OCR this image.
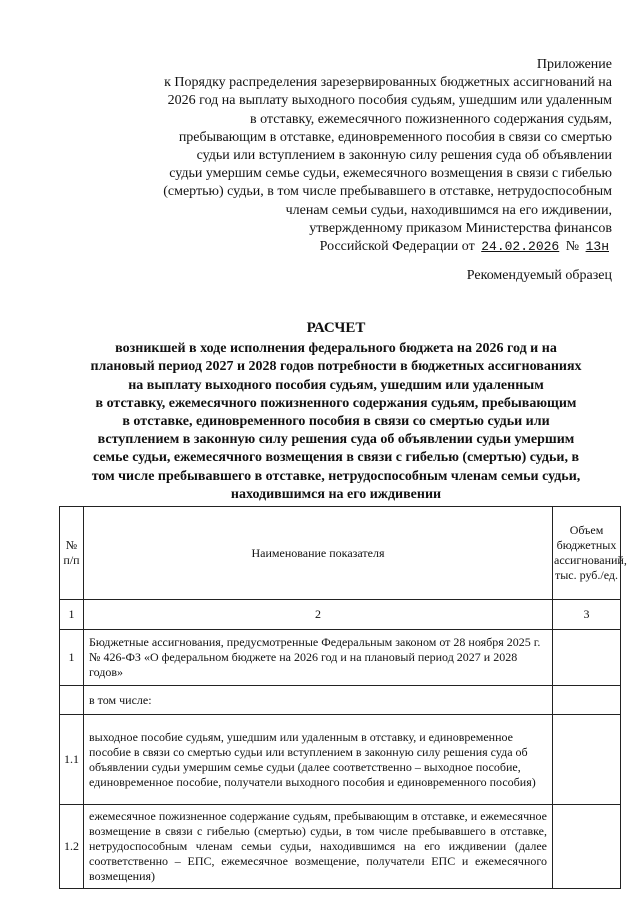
Приложение
к Порядку распределения зарезервированных бюджетных ассигнований на
2026 год на выплату выходного пособия судьям, ушедшим или удаленным
в отставку, ежемесячного пожизненного содержания судьям,
пребывающим в отставке, единовременного пособия в связи со смертью
судьи или вступлением в законную силу решения суда об объявлении
судьи умершим семье судьи, ежемесячного возмещения в связи с гибелью
(смертью) судьи, в том числе пребывавшего в отставке, нетрудоспособным
членам семьи судьи, находившимся на его иждивении,
утвержденному приказом Министерства финансов
Российской Федерации от 24.02.2026 № 13н
Рекомендуемый образец
РАСЧЕТ
возникшей в ходе исполнения федерального бюджета на 2026 год и на
плановый период 2027 и 2028 годов потребности в бюджетных ассигнованиях
на выплату выходного пособия судьям, ушедшим или удаленным
в отставку, ежемесячного пожизненного содержания судьям, пребывающим
в отставке, единовременного пособия в связи со смертью судьи или
вступлением в законную силу решения суда об объявлении судьи умершим
семье судьи, ежемесячного возмещения в связи с гибелью (смертью) судьи, в
том числе пребывавшего в отставке, нетрудоспособным членам семьи судьи,
находившимся на его иждивении
№ п/п	Наименование показателя	Объем бюджетных ассигнований, тыс. руб./ед.
1	2	3
1	Бюджетные ассигнования, предусмотренные Федеральным законом от 28 ноября 2025 г. № 426-ФЗ «О федеральном бюджете на 2026 год и на плановый период 2027 и 2028 годов»	
	в том числе:	
1.1	выходное пособие судьям, ушедшим или удаленным в отставку, и единовременное пособие в связи со смертью судьи или вступлением в законную силу решения суда об объявлении судьи умершим семье судьи (далее соответственно – выходное пособие, единовременное пособие, получатели выходного пособия и единовременного пособия)	
1.2	ежемесячное пожизненное содержание судьям, пребывающим в отставке, и ежемесячное возмещение в связи с гибелью (смертью) судьи, в том числе пребывавшего в отставке, нетрудоспособным членам семьи судьи, находившимся на его иждивении (далее соответственно – ЕПС, ежемесячное возмещение, получатели ЕПС и ежемесячного возмещения)	
